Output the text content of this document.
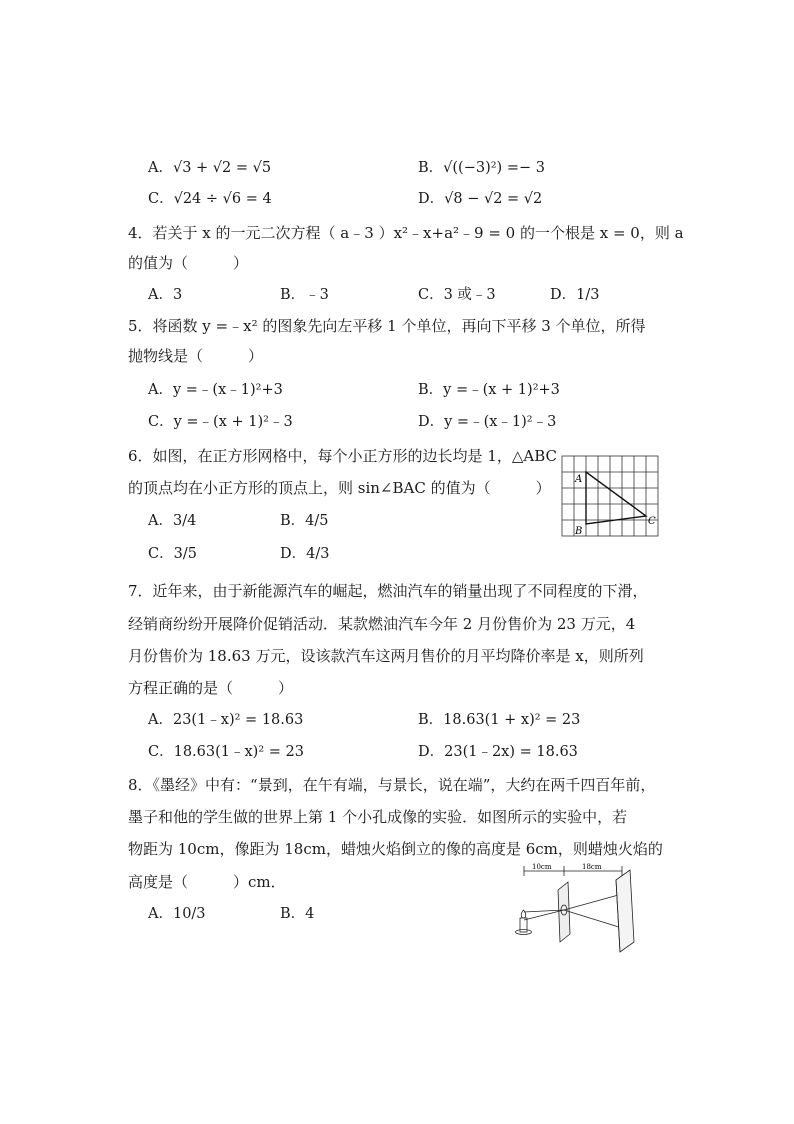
A．√3 + √2 = √5	B．√((−3)²) =− 3
C．√24 ÷ √6 = 4	D．√8 − √2 = √2
4．若关于 x 的一元二次方程（ a﹣3 ）x²﹣x+a²﹣9 = 0 的一个根是 x = 0，则 a
的值为（　　　）
A．3	B．﹣3	C．3 或﹣3	D．1/3
5．将函数 y =﹣x² 的图象先向左平移 1 个单位，再向下平移 3 个单位，所得
抛物线是（　　　）
A．y =﹣(x﹣1)²+3	B．y =﹣(x + 1)²+3
C．y =﹣(x + 1)²﹣3	D．y =﹣(x﹣1)²﹣3
6．如图，在正方形网格中，每个小正方形的边长均是 1，△ABC
的顶点均在小正方形的顶点上，则 sin∠BAC 的值为（　　　）
A．3/4	B．4/5
C．3/5	D．4/3
A
B
C
7．近年来，由于新能源汽车的崛起，燃油汽车的销量出现了不同程度的下滑，
经销商纷纷开展降价促销活动．某款燃油汽车今年 2 月份售价为 23 万元，4
月份售价为 18.63 万元，设该款汽车这两月售价的月平均降价率是 x，则所列
方程正确的是（　　　）
A．23(1﹣x)² = 18.63	B．18.63(1 + x)² = 23
C．18.63(1﹣x)² = 23	D．23(1﹣2x) = 18.63
8．《墨经》中有：“景到，在午有端，与景长，说在端”，大约在两千四百年前，
墨子和他的学生做的世界上第 1 个小孔成像的实验．如图所示的实验中，若
物距为 10cm，像距为 18cm，蜡烛火焰倒立的像的高度是 6cm，则蜡烛火焰的
高度是（　　　）cm．
A．10/3	B．4
10cm	18cm
